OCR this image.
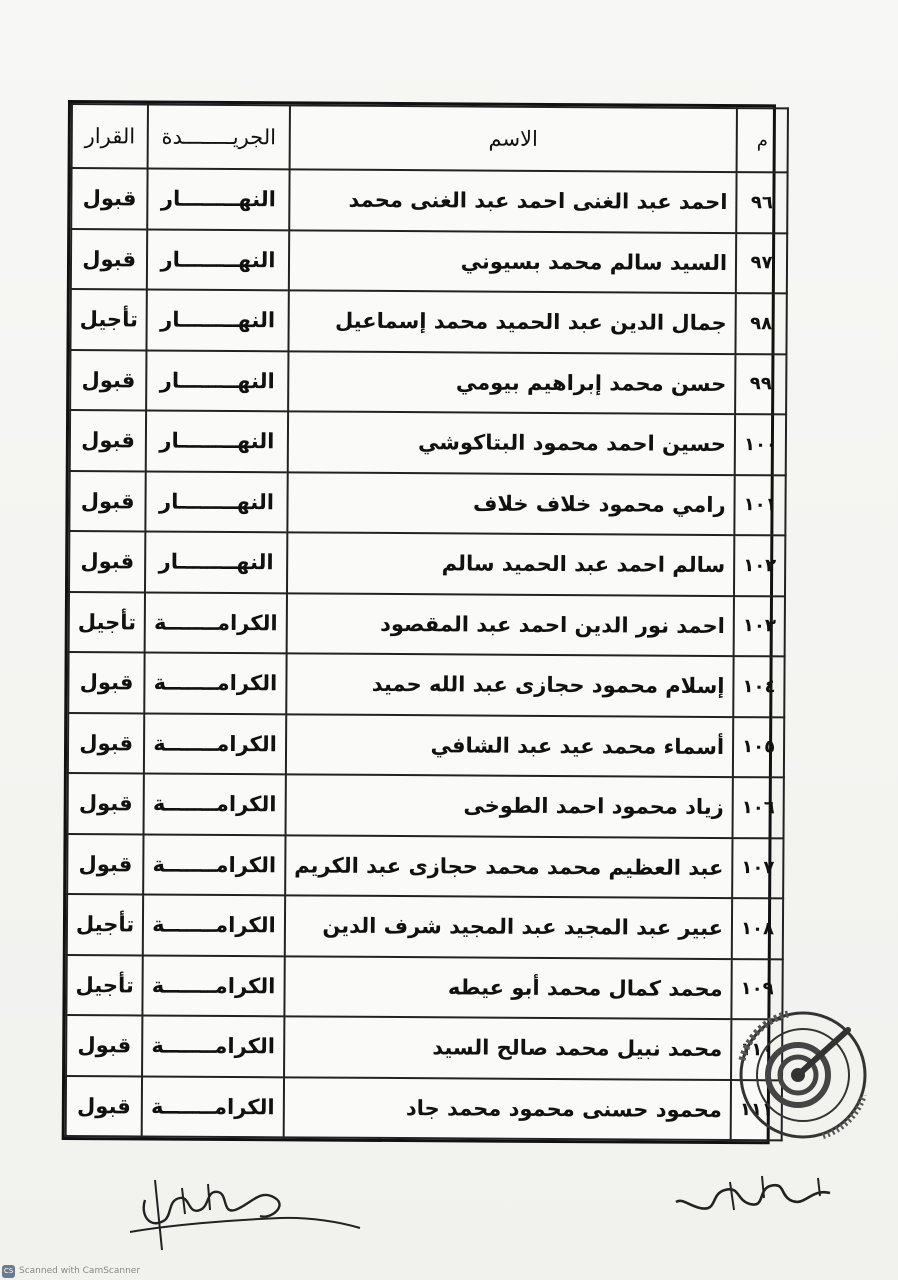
م	الاسم	الجريــــــــدة	القرار
٩٦	احمد عبد الغنى احمد عبد الغنى محمد	النهــــــــار	قبول
٩٧	السيد سالم محمد بسيوني	النهــــــــار	قبول
٩٨	جمال الدين عبد الحميد محمد إسماعيل	النهــــــــار	تأجيل
٩٩	حسن محمد إبراهيم بيومي	النهــــــــار	قبول
١٠٠	حسين احمد محمود البتاكوشي	النهــــــــار	قبول
١٠١	رامي محمود خلاف خلاف	النهــــــــار	قبول
١٠٢	سالم احمد عبد الحميد سالم	النهــــــــار	قبول
١٠٣	احمد نور الدين احمد عبد المقصود	الكرامـــــــة	تأجيل
١٠٤	إسلام محمود حجازى عبد الله حميد	الكرامـــــــة	قبول
١٠٥	أسماء محمد عيد عبد الشافي	الكرامـــــــة	قبول
١٠٦	زياد محمود احمد الطوخى	الكرامـــــــة	قبول
١٠٧	عبد العظيم محمد محمد حجازى عبد الكريم	الكرامـــــــة	قبول
١٠٨	عبير عبد المجيد عبد المجيد شرف الدين	الكرامـــــــة	تأجيل
١٠٩	محمد كمال محمد أبو عيطه	الكرامـــــــة	تأجيل
١١٠	محمد نبيل محمد صالح السيد	الكرامـــــــة	قبول
١١١	محمود حسنى محمود محمد جاد	الكرامـــــــة	قبول
CS Scanned with CamScanner
